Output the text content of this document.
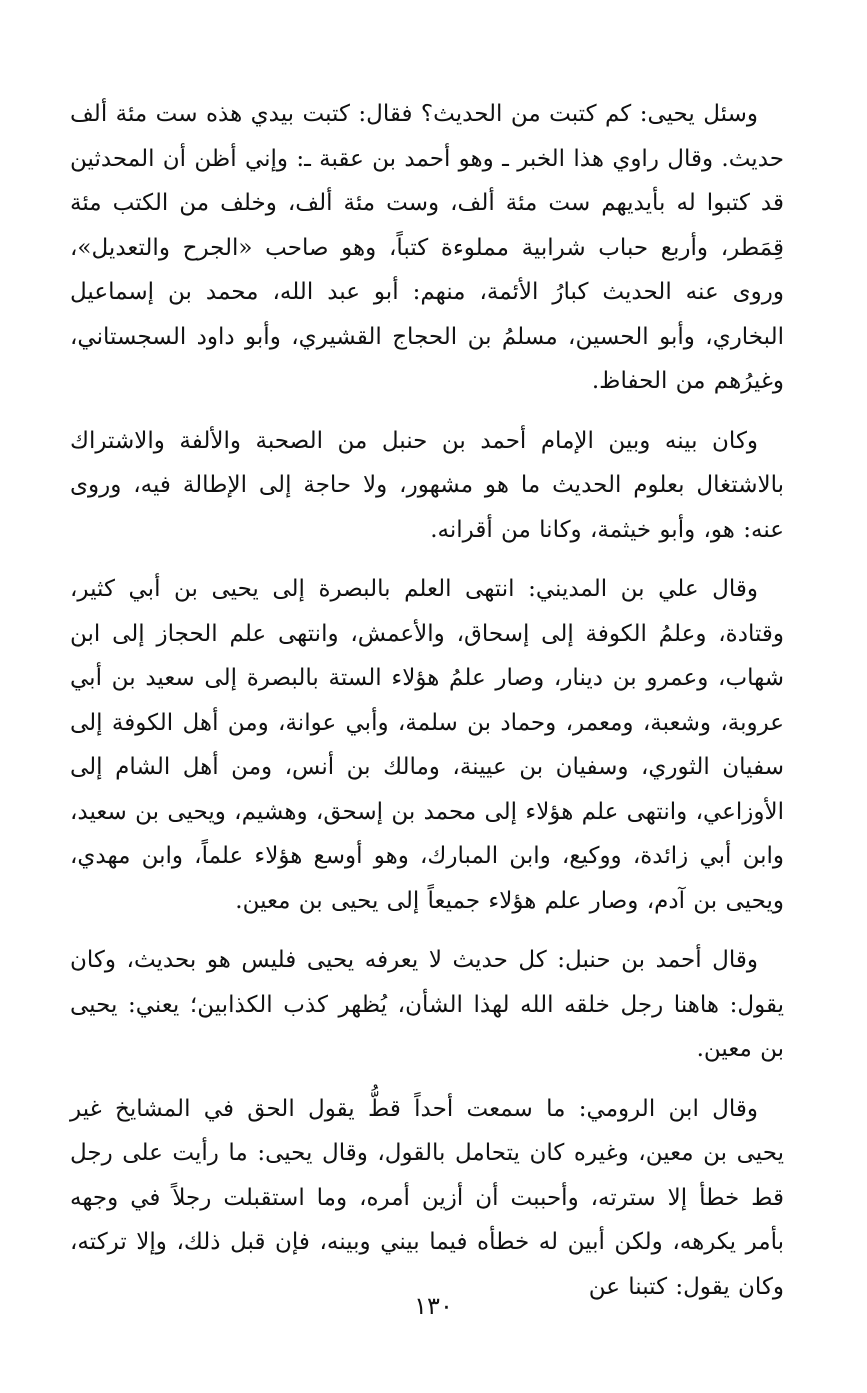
وسئل يحيى: كم كتبت من الحديث؟ فقال: كتبت بيدي هذه ست مئة ألف حديث. وقال راوي هذا الخبر ـ وهو أحمد بن عقبة ـ: وإني أظن أن المحدثين قد كتبوا له بأيديهم ست مئة ألف، وست مئة ألف، وخلف من الكتب مئة قِمَطر، وأربع حباب شرابية مملوءة كتباً، وهو صاحب «الجرح والتعديل»، وروى عنه الحديث كبارُ الأئمة، منهم: أبو عبد الله، محمد بن إسماعيل البخاري، وأبو الحسين، مسلمُ بن الحجاج القشيري، وأبو داود السجستاني، وغيرُهم من الحفاظ.

وكان بينه وبين الإمام أحمد بن حنبل من الصحبة والألفة والاشتراك بالاشتغال بعلوم الحديث ما هو مشهور، ولا حاجة إلى الإطالة فيه، وروى عنه: هو، وأبو خيثمة، وكانا من أقرانه.

وقال علي بن المديني: انتهى العلم بالبصرة إلى يحيى بن أبي كثير، وقتادة، وعلمُ الكوفة إلى إسحاق، والأعمش، وانتهى علم الحجاز إلى ابن شهاب، وعمرو بن دينار، وصار علمُ هؤلاء الستة بالبصرة إلى سعيد بن أبي عروبة، وشعبة، ومعمر، وحماد بن سلمة، وأبي عوانة، ومن أهل الكوفة إلى سفيان الثوري، وسفيان بن عيينة، ومالك بن أنس، ومن أهل الشام إلى الأوزاعي، وانتهى علم هؤلاء إلى محمد بن إسحق، وهشيم، ويحيى بن سعيد، وابن أبي زائدة، ووكيع، وابن المبارك، وهو أوسع هؤلاء علماً، وابن مهدي، ويحيى بن آدم، وصار علم هؤلاء جميعاً إلى يحيى بن معين.

وقال أحمد بن حنبل: كل حديث لا يعرفه يحيى فليس هو بحديث، وكان يقول: هاهنا رجل خلقه الله لهذا الشأن، يُظهر كذب الكذابين؛ يعني: يحيى بن معين.

وقال ابن الرومي: ما سمعت أحداً قطُّ يقول الحق في المشايخ غير يحيى بن معين، وغيره كان يتحامل بالقول، وقال يحيى: ما رأيت على رجل قط خطأ إلا سترته، وأحببت أن أزين أمره، وما استقبلت رجلاً في وجهه بأمر يكرهه، ولكن أبين له خطأه فيما بيني وبينه، فإن قبل ذلك، وإلا تركته، وكان يقول: كتبنا عن

١٣٠
